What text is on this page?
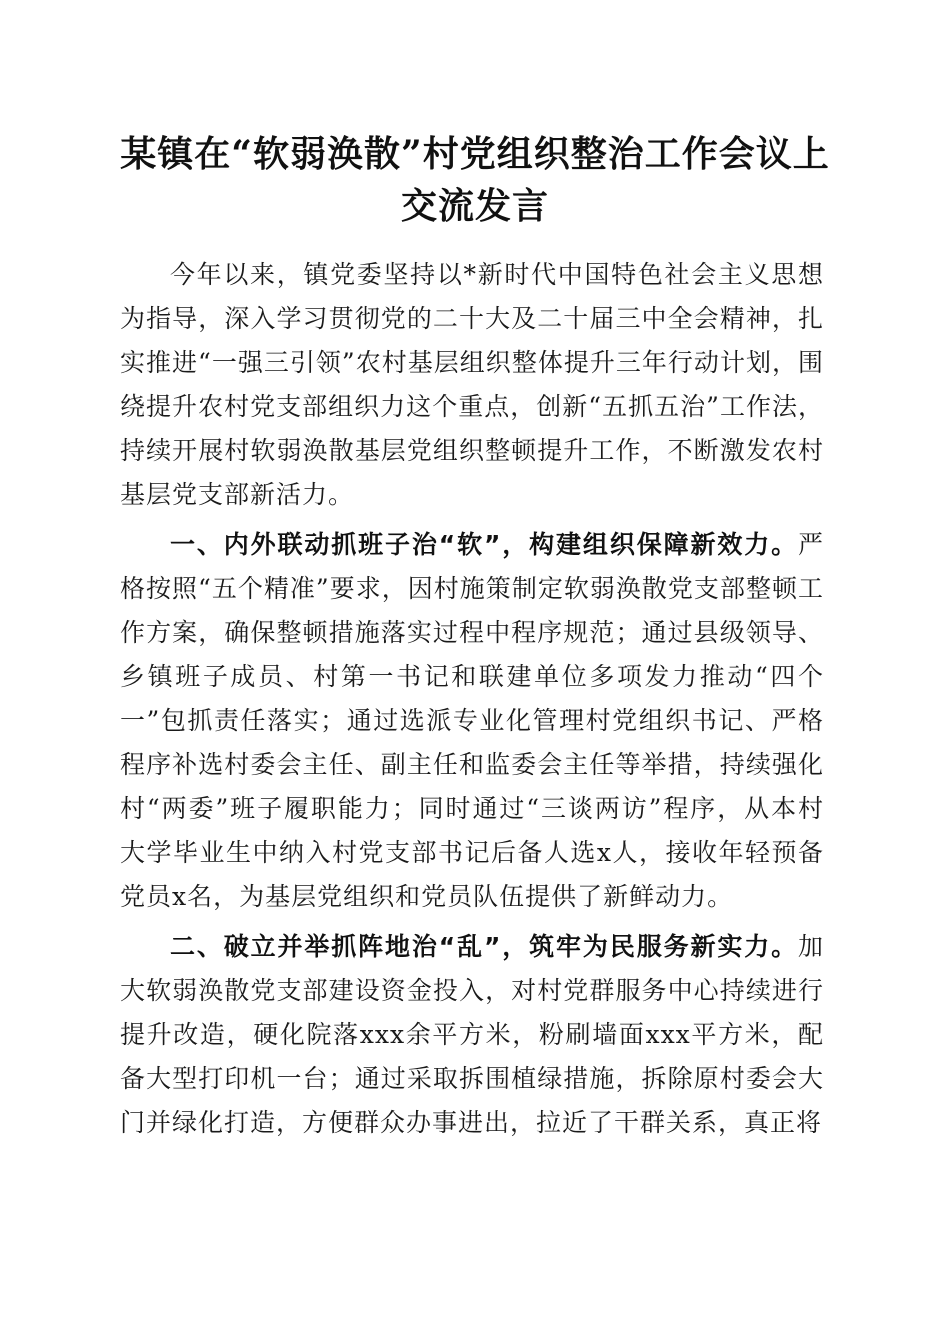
某镇在“软弱涣散”村党组织整治工作会议上交流发言

今年以来，镇党委坚持以*新时代中国特色社会主义思想为指导，深入学习贯彻党的二十大及二十届三中全会精神，扎实推进“一强三引领”农村基层组织整体提升三年行动计划，围绕提升农村党支部组织力这个重点，创新“五抓五治”工作法，持续开展村软弱涣散基层党组织整顿提升工作，不断激发农村基层党支部新活力。

一、内外联动抓班子治“软”，构建组织保障新效力。严格按照“五个精准”要求，因村施策制定软弱涣散党支部整顿工作方案，确保整顿措施落实过程中程序规范；通过县级领导、乡镇班子成员、村第一书记和联建单位多项发力推动“四个一”包抓责任落实；通过选派专业化管理村党组织书记、严格程序补选村委会主任、副主任和监委会主任等举措，持续强化村“两委”班子履职能力；同时通过“三谈两访”程序，从本村大学毕业生中纳入村党支部书记后备人选x人，接收年轻预备党员x名，为基层党组织和党员队伍提供了新鲜动力。

二、破立并举抓阵地治“乱”，筑牢为民服务新实力。加大软弱涣散党支部建设资金投入，对村党群服务中心持续进行提升改造，硬化院落xxx余平方米，粉刷墙面xxx平方米，配备大型打印机一台；通过采取拆围植绿措施，拆除原村委会大门并绿化打造，方便群众办事进出，拉近了干群关系，真正将
